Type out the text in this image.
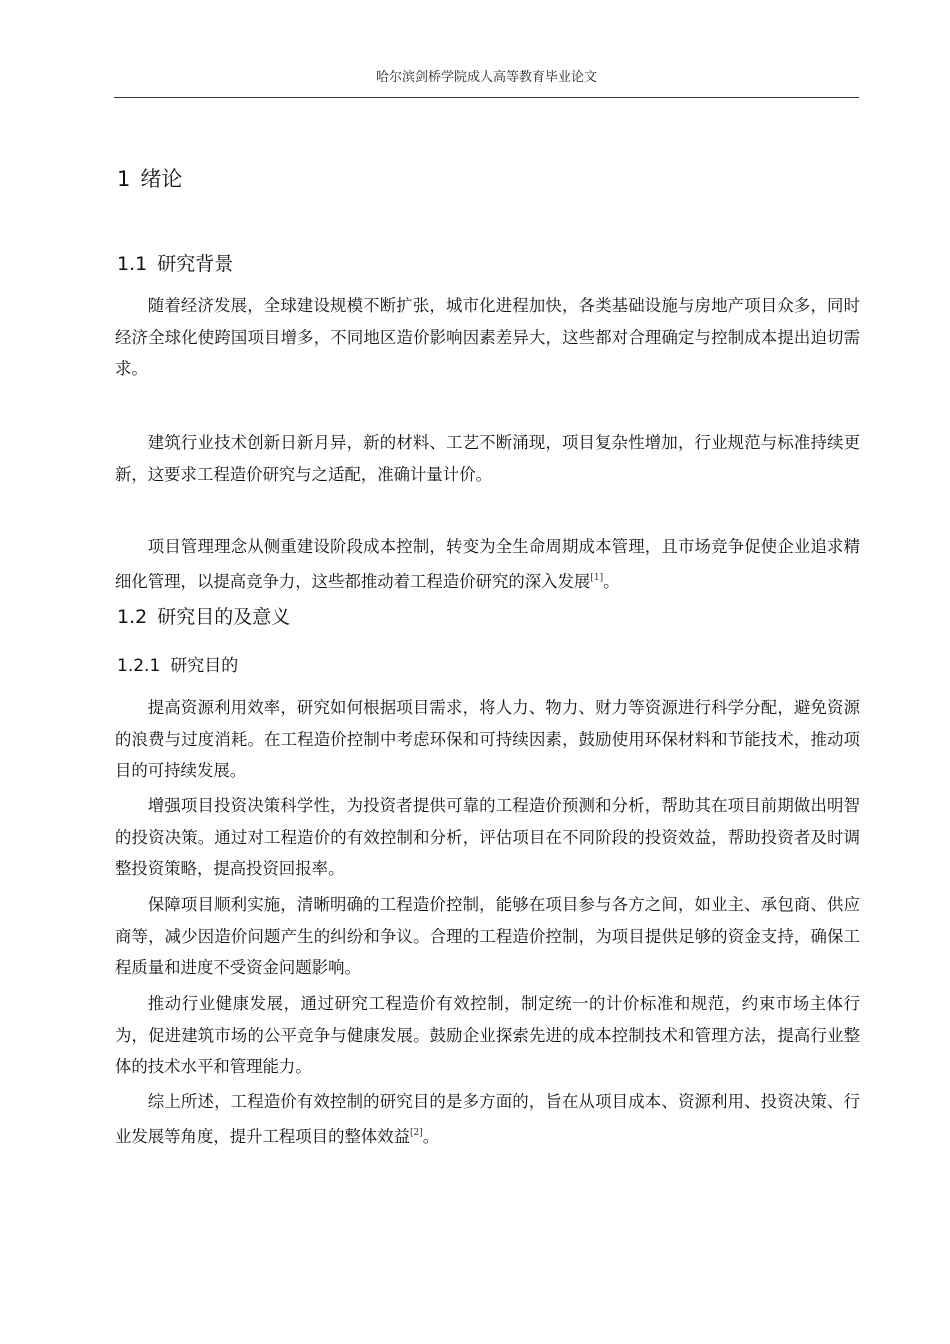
哈尔滨剑桥学院成人高等教育毕业论文
1 绪论
1.1 研究背景

随着经济发展，全球建设规模不断扩张，城市化进程加快，各类基础设施与房地产项目众多，同时经济全球化使跨国项目增多，不同地区造价影响因素差异大，这些都对合理确定与控制成本提出迫切需求。

建筑行业技术创新日新月异，新的材料、工艺不断涌现，项目复杂性增加，行业规范与标准持续更新，这要求工程造价研究与之适配，准确计量计价。

项目管理理念从侧重建设阶段成本控制，转变为全生命周期成本管理，且市场竞争促使企业追求精细化管理，以提高竞争力，这些都推动着工程造价研究的深入发展[1]。

1.2 研究目的及意义
1.2.1 研究目的

提高资源利用效率，研究如何根据项目需求，将人力、物力、财力等资源进行科学分配，避免资源的浪费与过度消耗。在工程造价控制中考虑环保和可持续因素，鼓励使用环保材料和节能技术，推动项目的可持续发展。

增强项目投资决策科学性，为投资者提供可靠的工程造价预测和分析，帮助其在项目前期做出明智的投资决策。通过对工程造价的有效控制和分析，评估项目在不同阶段的投资效益，帮助投资者及时调整投资策略，提高投资回报率。

保障项目顺利实施，清晰明确的工程造价控制，能够在项目参与各方之间，如业主、承包商、供应商等，减少因造价问题产生的纠纷和争议。合理的工程造价控制，为项目提供足够的资金支持，确保工程质量和进度不受资金问题影响。

推动行业健康发展，通过研究工程造价有效控制，制定统一的计价标准和规范，约束市场主体行为，促进建筑市场的公平竞争与健康发展。鼓励企业探索先进的成本控制技术和管理方法，提高行业整体的技术水平和管理能力。

综上所述，工程造价有效控制的研究目的是多方面的，旨在从项目成本、资源利用、投资决策、行业发展等角度，提升工程项目的整体效益[2]。
